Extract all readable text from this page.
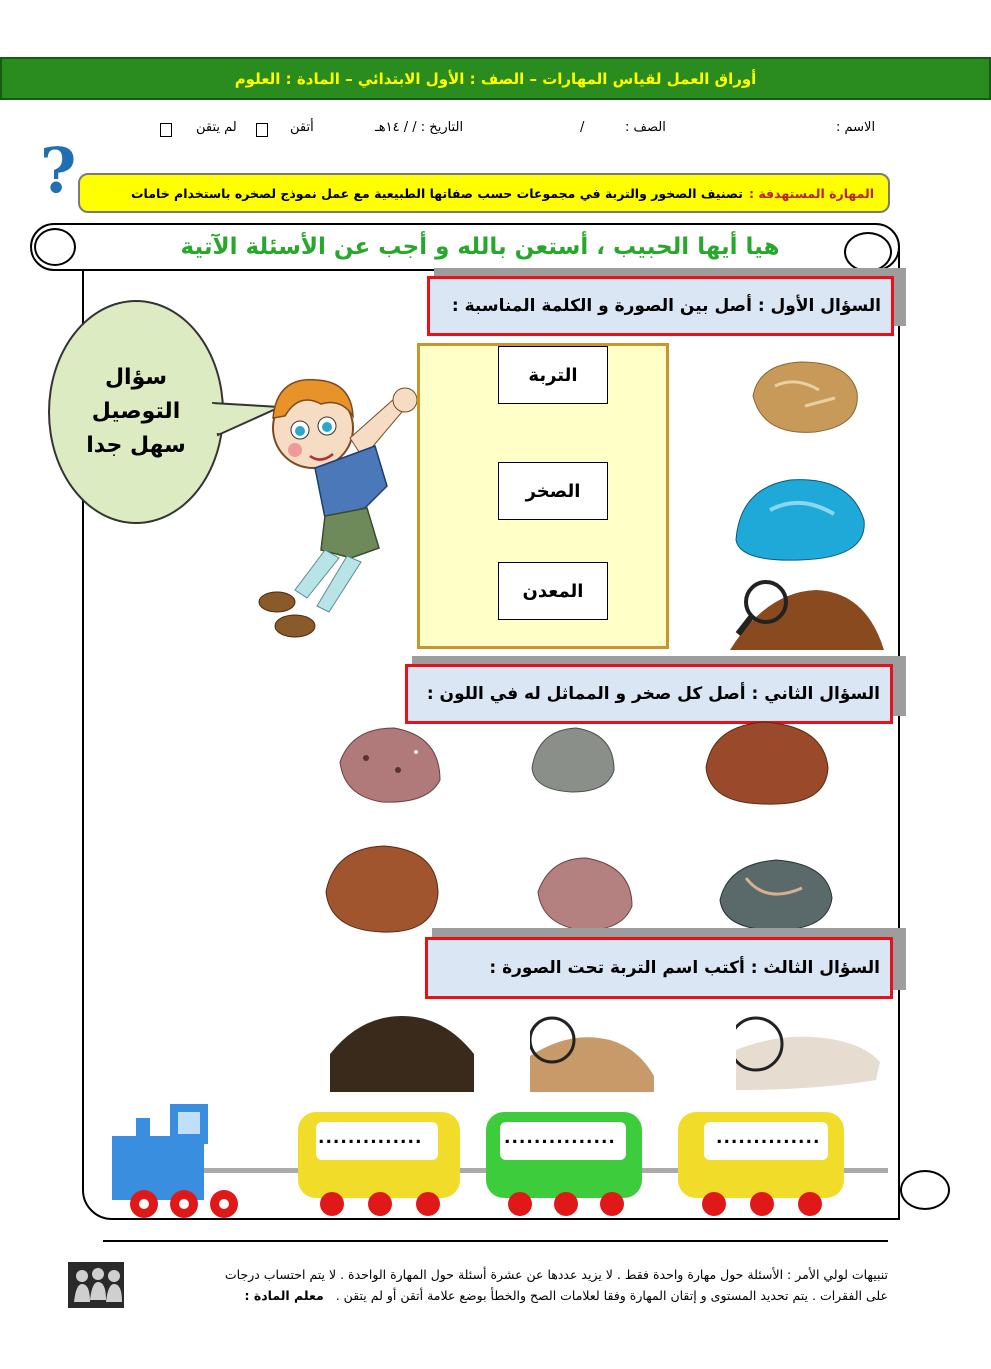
أوراق العمل لقياس المهارات – الصف : الأول الابتدائي – المادة : العلوم
الاسم :
الصف :
/
التاريخ : / / ١٤هـ
أتقن
لم يتقن
?	المهارة المستهدفة :
تصنيف الصخور والتربة في مجموعات حسب صفاتها الطبيعية مع عمل نموذج لصخره باستخدام خامات
هيا أيها الحبيب ، أستعن بالله و أجب عن الأسئلة الآتية
السؤال الأول : أصل بين الصورة و الكلمة المناسبة :
سؤال
التوصيل
سهل جدا
التربة
الصخر
المعدن
السؤال الثاني : أصل كل صخر و المماثل له في اللون :
السؤال الثالث : أكتب اسم التربة تحت الصورة :
..............	...............	..............
تنبيهات لولي الأمر : الأسئلة حول مهارة واحدة فقط . لا يزيد عددها عن عشرة أسئلة حول المهارة الواحدة . لا يتم احتساب درجات
على الفقرات . يتم تحديد المستوى و إتقان المهارة وفقا لعلامات الصح والخطأ بوضع علامة أتقن أو لم يتقن . معلم المادة :
